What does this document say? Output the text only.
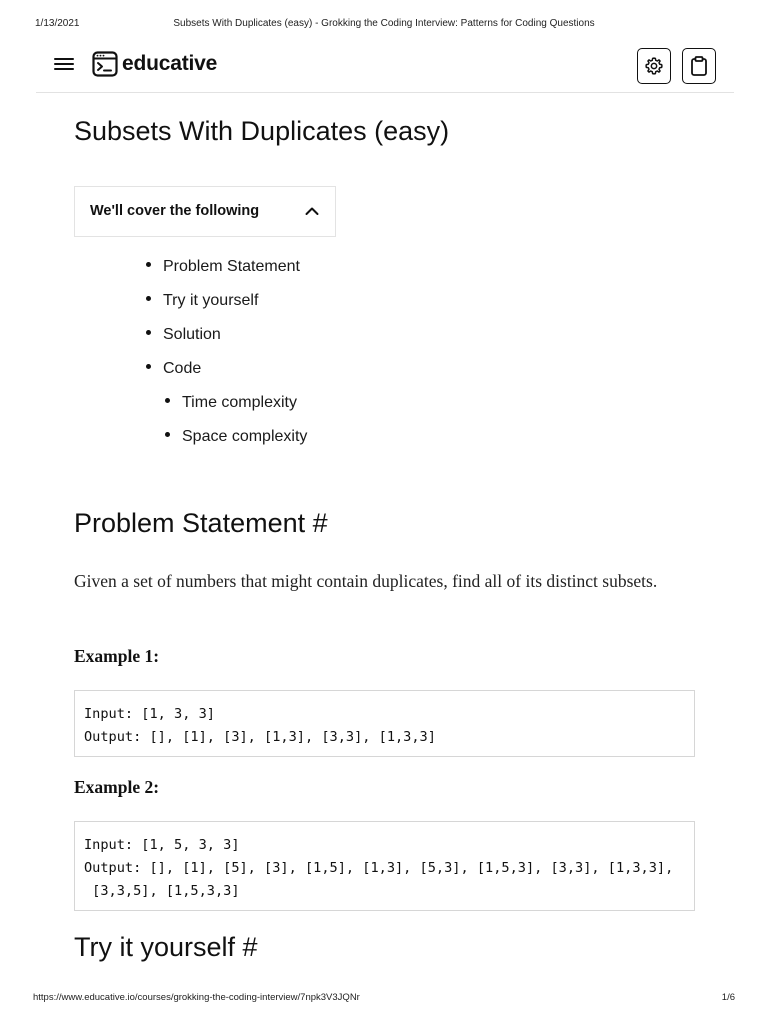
1/13/2021	Subsets With Duplicates (easy) - Grokking the Coding Interview: Patterns for Coding Questions
educative
Subsets With Duplicates (easy)
We'll cover the following
Problem Statement
Try it yourself
Solution
Code
Time complexity
Space complexity
Problem Statement #

Given a set of numbers that might contain duplicates, find all of its distinct subsets.

Example 1:

Input: [1, 3, 3]
Output: [], [1], [3], [1,3], [3,3], [1,3,3]

Example 2:

Input: [1, 5, 3, 3]
Output: [], [1], [5], [3], [1,5], [1,3], [5,3], [1,5,3], [3,3], [1,3,3],
[3,3,5], [1,5,3,3]
Try it yourself #
https://www.educative.io/courses/grokking-the-coding-interview/7npk3V3JQNr	1/6
